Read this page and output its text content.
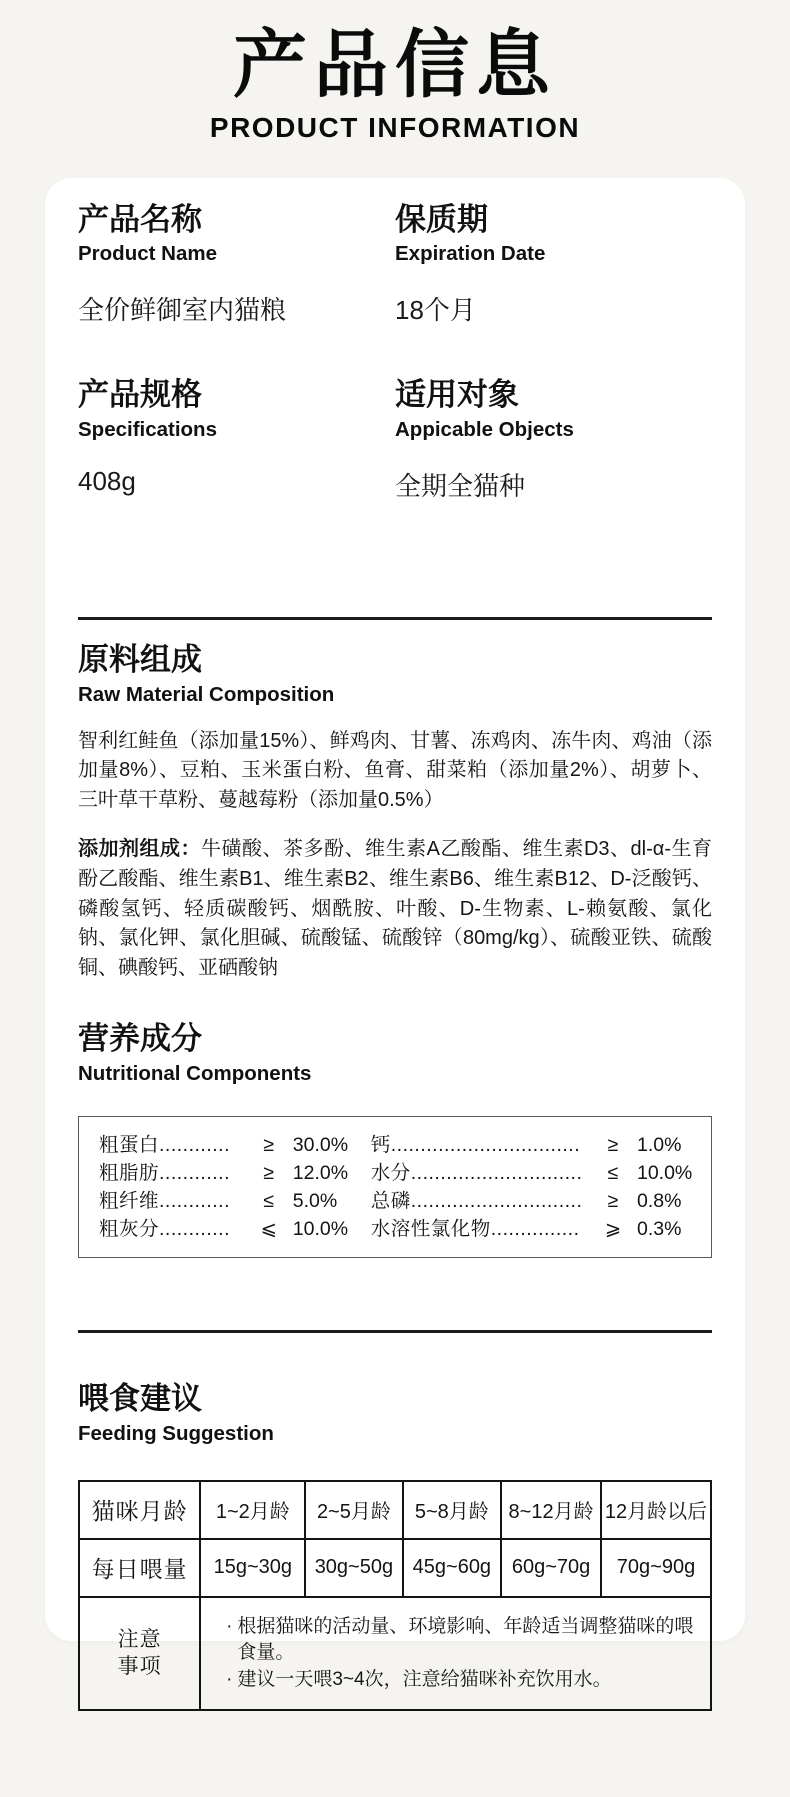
产品信息
PRODUCT INFORMATION
产品名称
Product Name
全价鲜御室内猫粮
保质期
Expiration Date
18个月
产品规格
Specifications
408g
适用对象
Appicable Objects
全期全猫种
原料组成
Raw Material Composition

智利红鲑鱼（添加量15%）、鲜鸡肉、甘薯、冻鸡肉、冻牛肉、鸡油（添加量8%）、豆粕、玉米蛋白粉、鱼膏、甜菜粕（添加量2%）、胡萝卜、三叶草干草粉、蔓越莓粉（添加量0.5%）

添加剂组成：牛磺酸、茶多酚、维生素A乙酸酯、维生素D3、dl-α-生育酚乙酸酯、维生素B1、维生素B2、维生素B6、维生素B12、D-泛酸钙、磷酸氢钙、轻质碳酸钙、烟酰胺、叶酸、D-生物素、L-赖氨酸、氯化钠、氯化钾、氯化胆碱、硫酸锰、硫酸锌（80mg/kg）、硫酸亚铁、硫酸铜、碘酸钙、亚硒酸钠

营养成分
Nutritional Components
粗蛋白............	≥ 30.0%
粗脂肪............	≥ 12.0%
粗纤维............	≤ 5.0%
粗灰分............	⩽ 10.0%
钙................................	≥ 1.0%
水分.............................	≤ 10.0%
总磷.............................	≥ 0.8%
水溶性氯化物...............	⩾ 0.3%
喂食建议
Feeding Suggestion
猫咪月龄	1~2月龄	2~5月龄	5~8月龄	8~12月龄	12月龄以后
每日喂量	15g~30g	30g~50g	45g~60g	60g~70g	70g~90g

注意
事项

· 根据猫咪的活动量、环境影响、年龄适当调整猫咪的喂食量。
· 建议一天喂3~4次，注意给猫咪补充饮用水。
